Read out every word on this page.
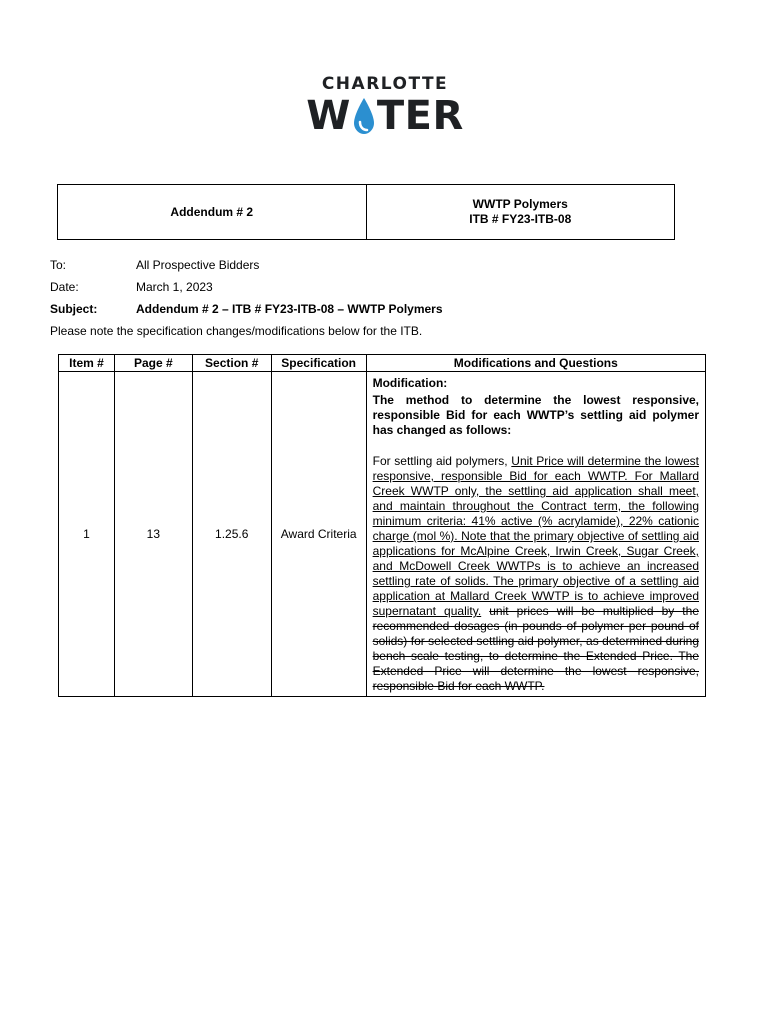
CHARLOTTE
W TER
Addendum # 2
WWTP Polymers
ITB # FY23-ITB-08
To:	All Prospective Bidders
Date:	March 1, 2023
Subject:	Addendum # 2 – ITB # FY23-ITB-08 – WWTP Polymers
Please note the specification changes/modifications below for the ITB.
Item #	Page #	Section #	Specification	Modifications and Questions
1	13	1.25.6	Award Criteria	Modification:
The method to determine the lowest responsive, responsible Bid for each WWTP’s settling aid polymer has changed as follows:
For settling aid polymers, Unit Price will determine the lowest responsive, responsible Bid for each WWTP. For Mallard Creek WWTP only, the settling aid application shall meet, and maintain throughout the Contract term, the following minimum criteria: 41% active (% acrylamide), 22% cationic charge (mol %). Note that the primary objective of settling aid applications for McAlpine Creek, Irwin Creek, Sugar Creek, and McDowell Creek WWTPs is to achieve an increased settling rate of solids. The primary objective of a settling aid application at Mallard Creek WWTP is to achieve improved supernatant quality. unit prices will be multiplied by the recommended dosages (in pounds of polymer per pound of solids) for selected settling aid polymer, as determined during bench scale testing, to determine the Extended Price. The Extended Price will determine the lowest responsive, responsible Bid for each WWTP.
